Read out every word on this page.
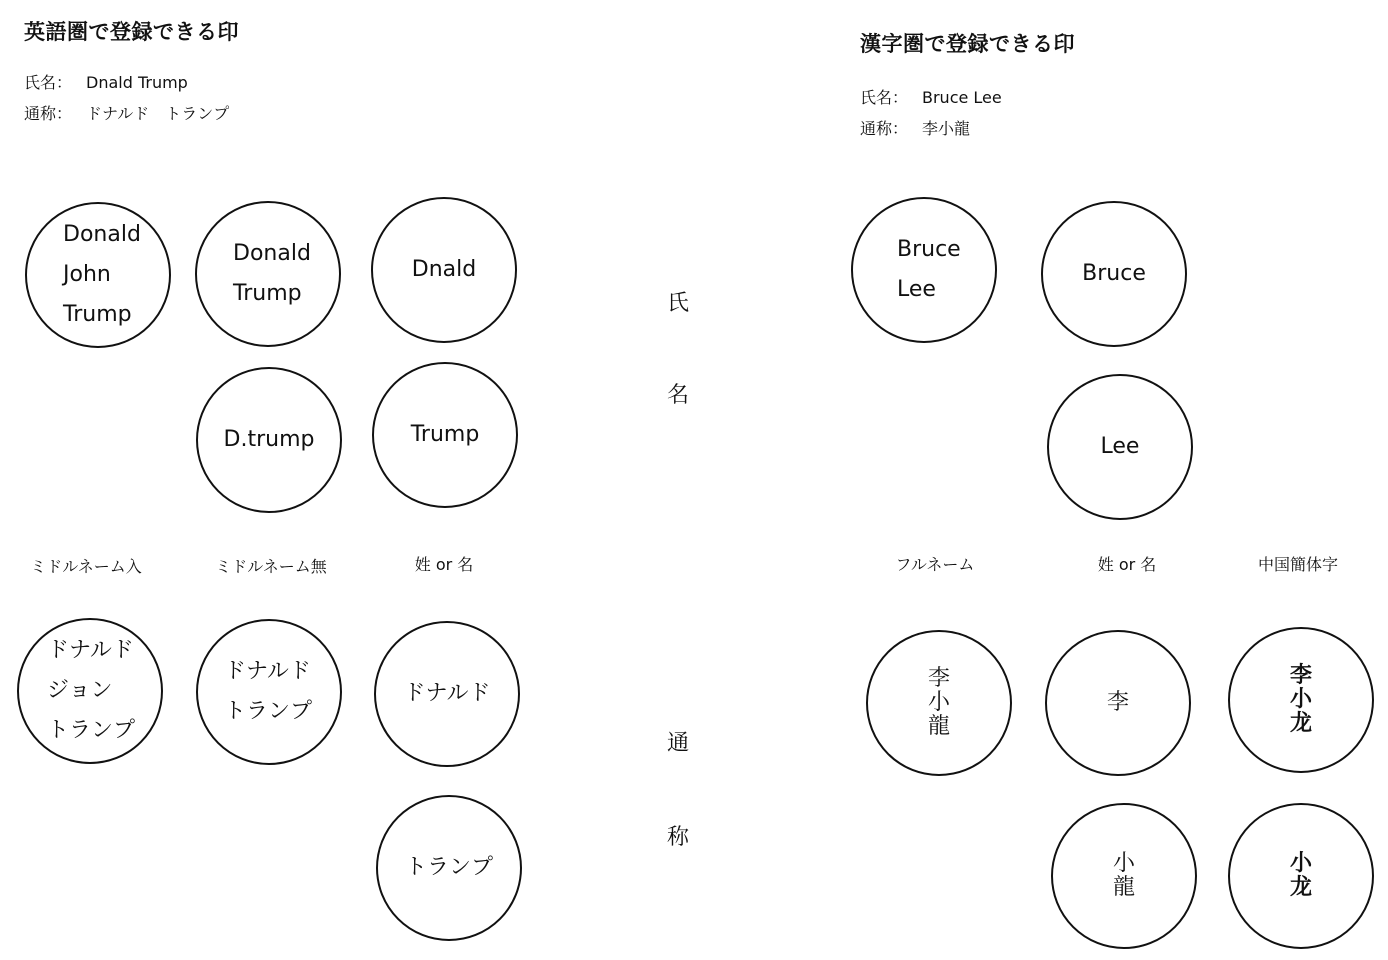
英語圏で登録できる印
氏名： Dnald Trump
通称： ドナルド　トランプ
漢字圏で登録できる印
氏名： Bruce Lee
通称： 李小龍
Donald
John
Trump
Donald
Trump
Dnald
D.trump	Trump
ミドルネーム入	ミドルネーム無	姓 or 名
ドナルド
ジョン
トランプ
ドナルド
トランプ
ドナルド
トランプ
氏
名
通
称
Bruce
Lee
Bruce
Lee
フルネーム	姓 or 名	中国簡体字
李
小
龍
李
李
小
龙
小
龍
小
龙
